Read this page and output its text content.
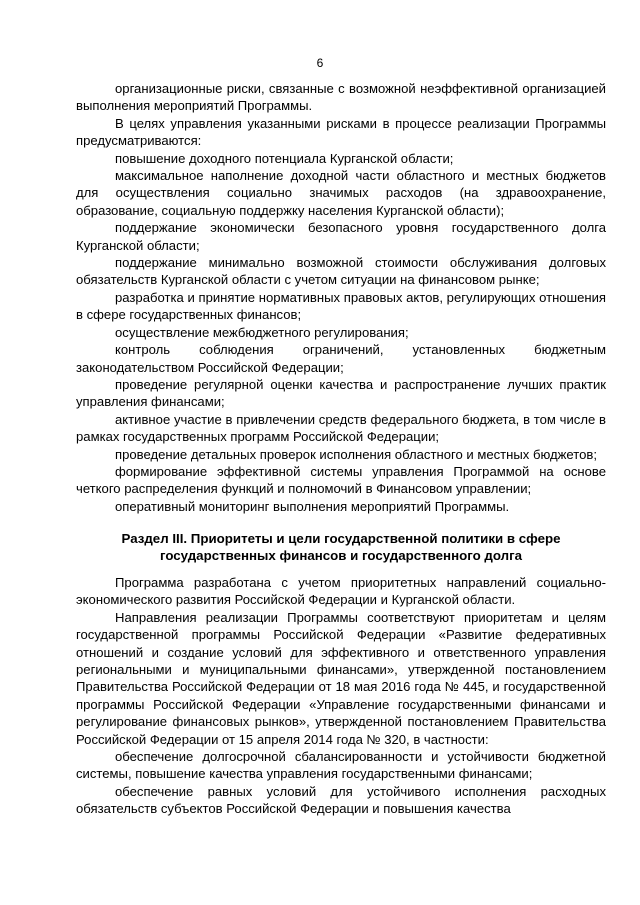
6

организационные риски, связанные с возможной неэффективной организацией выполнения мероприятий Программы.

В целях управления указанными рисками в процессе реализации Программы предусматриваются:

повышение доходного потенциала Курганской области;

максимальное наполнение доходной части областного и местных бюджетов для осуществления социально значимых расходов (на здравоохранение, образование, социальную поддержку населения Курганской области);

поддержание экономически безопасного уровня государственного долга Курганской области;

поддержание минимально возможной стоимости обслуживания долговых обязательств Курганской области с учетом ситуации на финансовом рынке;

разработка и принятие нормативных правовых актов, регулирующих отношения в сфере государственных финансов;

осуществление межбюджетного регулирования;

контроль соблюдения ограничений, установленных бюджетным законодательством Российской Федерации;

проведение регулярной оценки качества и распространение лучших практик управления финансами;

активное участие в привлечении средств федерального бюджета, в том числе в рамках государственных программ Российской Федерации;

проведение детальных проверок исполнения областного и местных бюджетов;

формирование эффективной системы управления Программой на основе четкого распределения функций и полномочий в Финансовом управлении;

оперативный мониторинг выполнения мероприятий Программы.

Раздел III. Приоритеты и цели государственной политики в сфере государственных финансов и государственного долга

Программа разработана с учетом приоритетных направлений социально-экономического развития Российской Федерации и Курганской области.

Направления реализации Программы соответствуют приоритетам и целям государственной программы Российской Федерации «Развитие федеративных отношений и создание условий для эффективного и ответственного управления региональными и муниципальными финансами», утвержденной постановлением Правительства Российской Федерации от 18 мая 2016 года № 445, и государственной программы Российской Федерации «Управление государственными финансами и регулирование финансовых рынков», утвержденной постановлением Правительства Российской Федерации от 15 апреля 2014 года № 320, в частности:

обеспечение долгосрочной сбалансированности и устойчивости бюджетной системы, повышение качества управления государственными финансами;

обеспечение равных условий для устойчивого исполнения расходных обязательств субъектов Российской Федерации и повышения качества
